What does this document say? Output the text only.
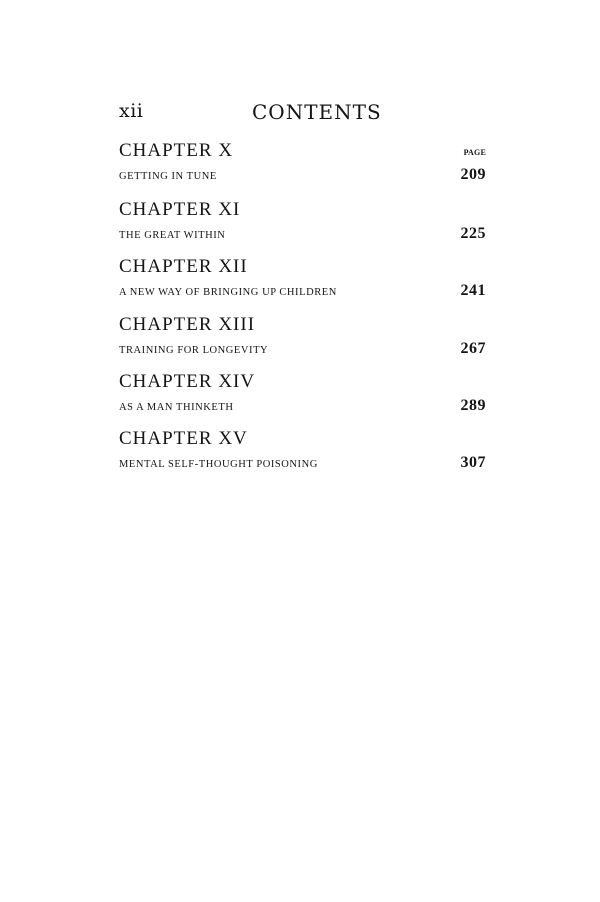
xii	CONTENTS
PAGE
CHAPTER X
GETTING IN TUNE	209
CHAPTER XI
THE GREAT WITHIN	225
CHAPTER XII
A NEW WAY OF BRINGING UP CHILDREN	241
CHAPTER XIII
TRAINING FOR LONGEVITY	267
CHAPTER XIV
AS A MAN THINKETH	289
CHAPTER XV
MENTAL SELF-THOUGHT POISONING	307
